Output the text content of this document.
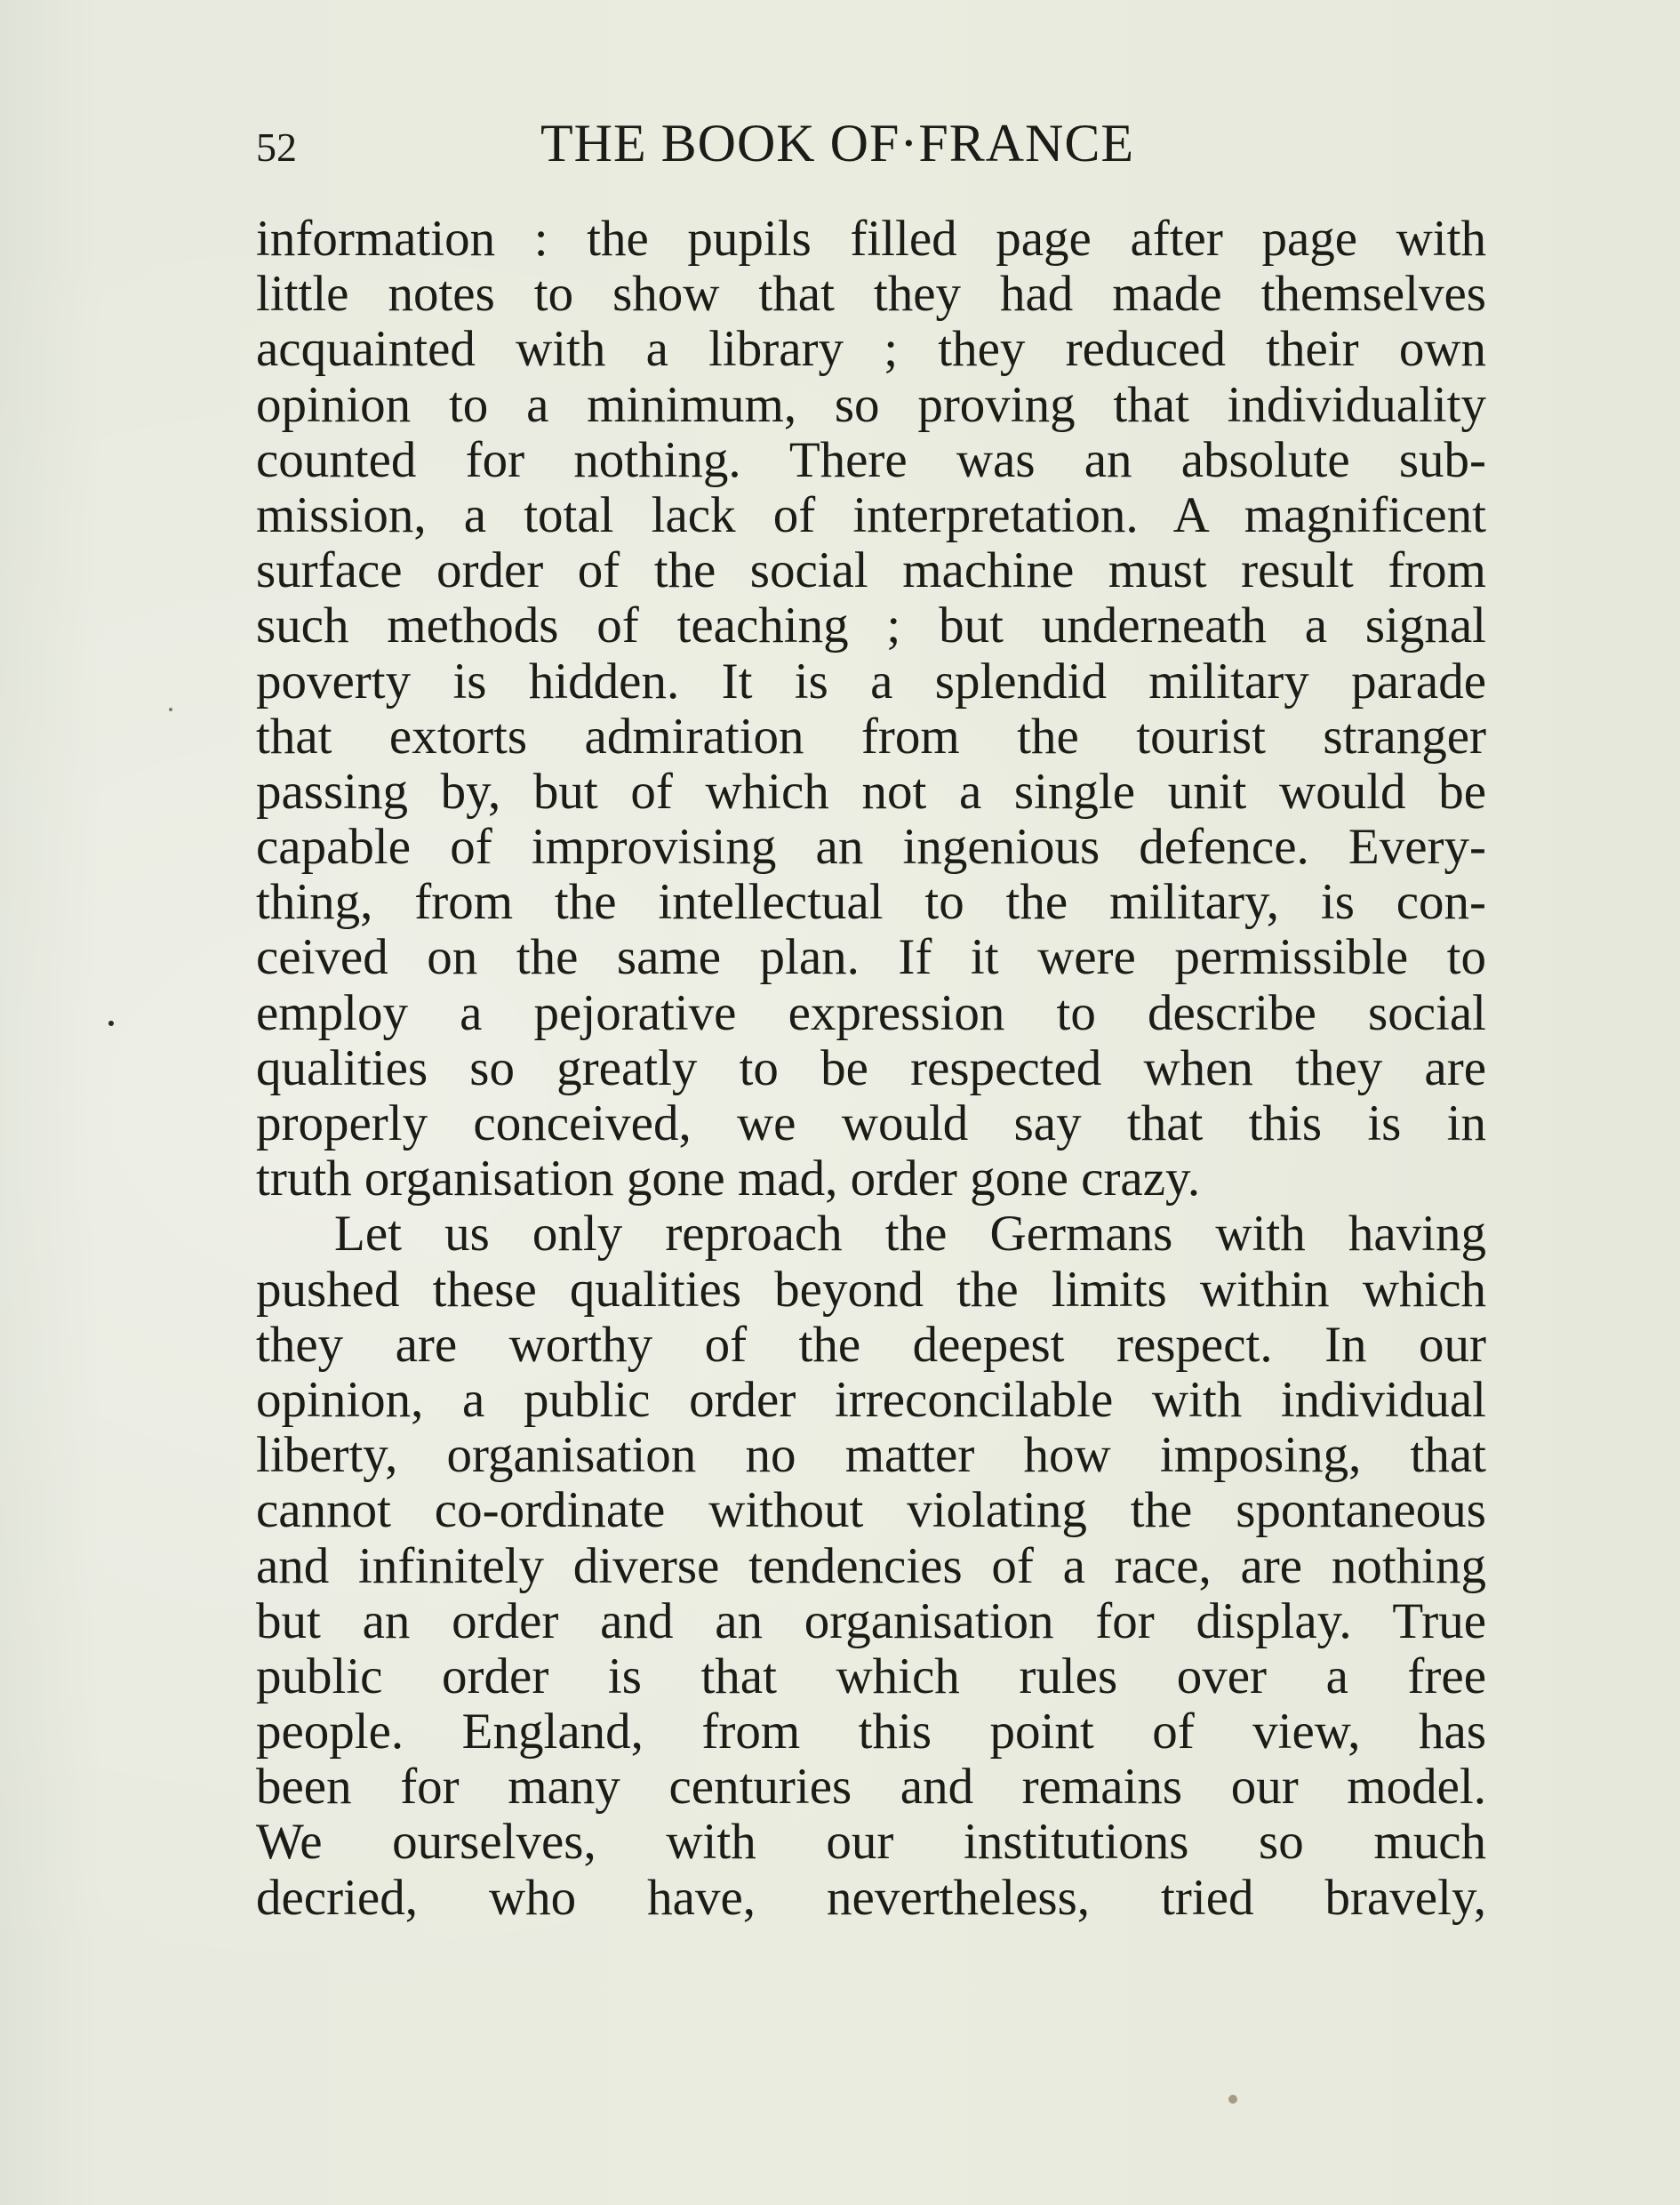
52	THE BOOK OF·FRANCE
information : the pupils filled page after page with
little notes to show that they had made themselves
acquainted with a library ; they reduced their own
opinion to a minimum, so proving that individuality
counted for nothing. There was an absolute sub-
mission, a total lack of interpretation. A magnificent
surface order of the social machine must result from
such methods of teaching ; but underneath a signal
poverty is hidden. It is a splendid military parade
that extorts admiration from the tourist stranger
passing by, but of which not a single unit would be
capable of improvising an ingenious defence. Every-
thing, from the intellectual to the military, is con-
ceived on the same plan. If it were permissible to
employ a pejorative expression to describe social
qualities so greatly to be respected when they are
properly conceived, we would say that this is in
truth organisation gone mad, order gone crazy.
Let us only reproach the Germans with having
pushed these qualities beyond the limits within which
they are worthy of the deepest respect. In our
opinion, a public order irreconcilable with individual
liberty, organisation no matter how imposing, that
cannot co-ordinate without violating the spontaneous
and infinitely diverse tendencies of a race, are nothing
but an order and an organisation for display. True
public order is that which rules over a free
people. England, from this point of view, has
been for many centuries and remains our model.
We ourselves, with our institutions so much
decried, who have, nevertheless, tried bravely,
